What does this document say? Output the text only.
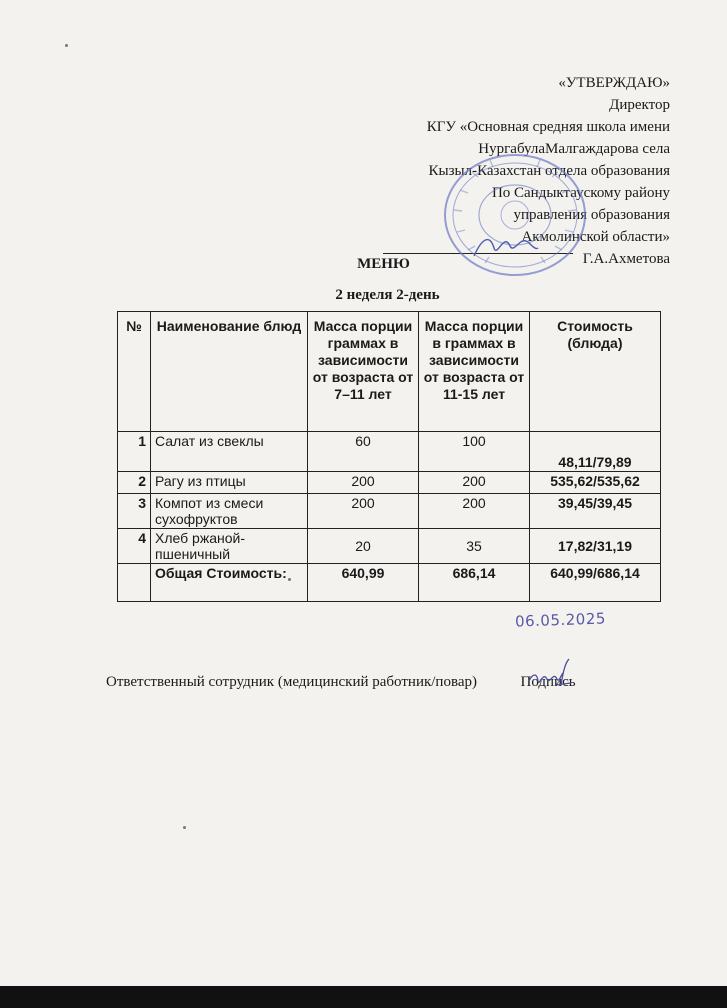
«УТВЕРЖДАЮ»
Директор
КГУ «Основная средняя школа имени
НургабулаМалгаждарова села
Кызыл-Казахстан отдела образования
По Сандыктаускому району
управления образования
Акмолинской области»
Г.А.Ахметова
МЕНЮ
2 неделя 2-день
№	Наименование блюд	Масса порции граммах в зависимости от возраста от 7–11 лет	Масса порции в граммах в зависимости от возраста от 11-15 лет	Стоимость (блюда)
1	Салат из свеклы	60	100	48,11/79,89
2	Рагу из птицы	200	200	535,62/535,62
3	Компот из смеси сухофруктов	200	200	39,45/39,45
4	Хлеб ржаной-пшеничный	20	35	17,82/31,19
	Общая Стоимость:	640,99	686,14	640,99/686,14
06.05.2025
Ответственный сотрудник (медицинский работник/повар)	Подпись
